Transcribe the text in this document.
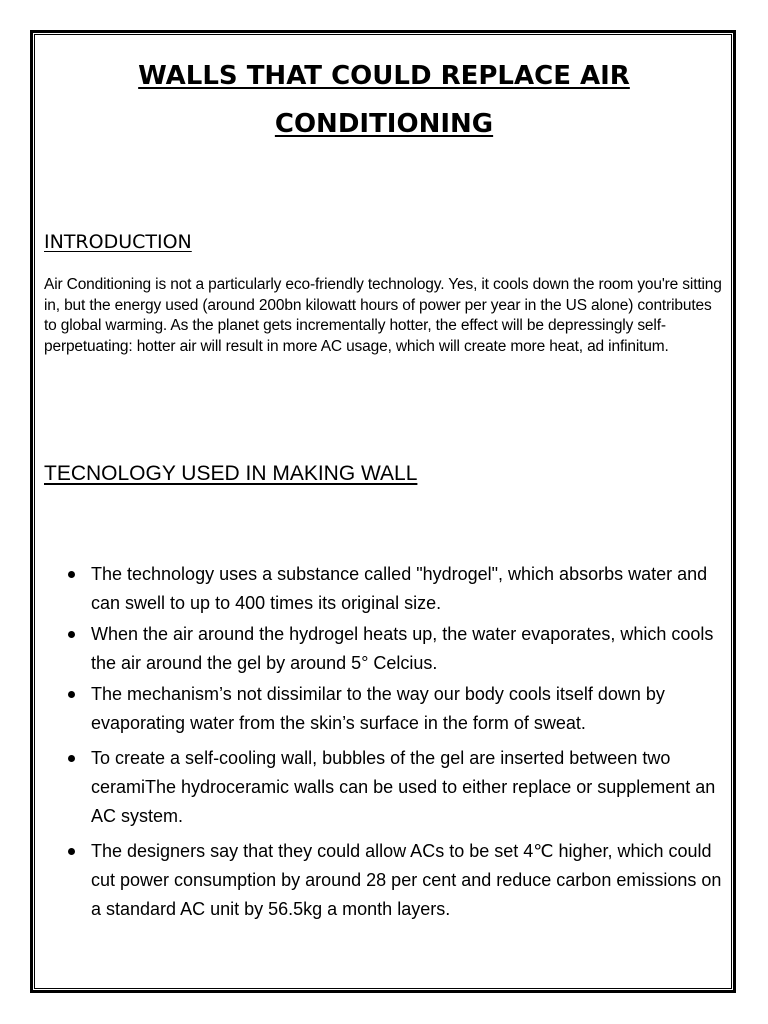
WALLS THAT COULD REPLACE AIR
CONDITIONING
INTRODUCTION

Air Conditioning is not a particularly eco-friendly technology. Yes, it cools down the room you're sitting in, but the energy used (around 200bn kilowatt hours of power per year in the US alone) contributes to global warming. As the planet gets incrementally hotter, the effect will be depressingly self-perpetuating: hotter air will result in more AC usage, which will create more heat, ad infinitum.

TECNOLOGY USED IN MAKING WALL
The technology uses a substance called "hydrogel", which absorbs water and can swell to up to 400 times its original size.
When the air around the hydrogel heats up, the water evaporates, which cools the air around the gel by around 5° Celcius.
The mechanism’s not dissimilar to the way our body cools itself down by evaporating water from the skin’s surface in the form of sweat.
To create a self-cooling wall, bubbles of the gel are inserted between two ceramiThe hydroceramic walls can be used to either replace or supplement an AC system.
The designers say that they could allow ACs to be set 4℃ higher, which could cut power consumption by around 28 per cent and reduce carbon emissions on a standard AC unit by 56.5kg a month layers.
